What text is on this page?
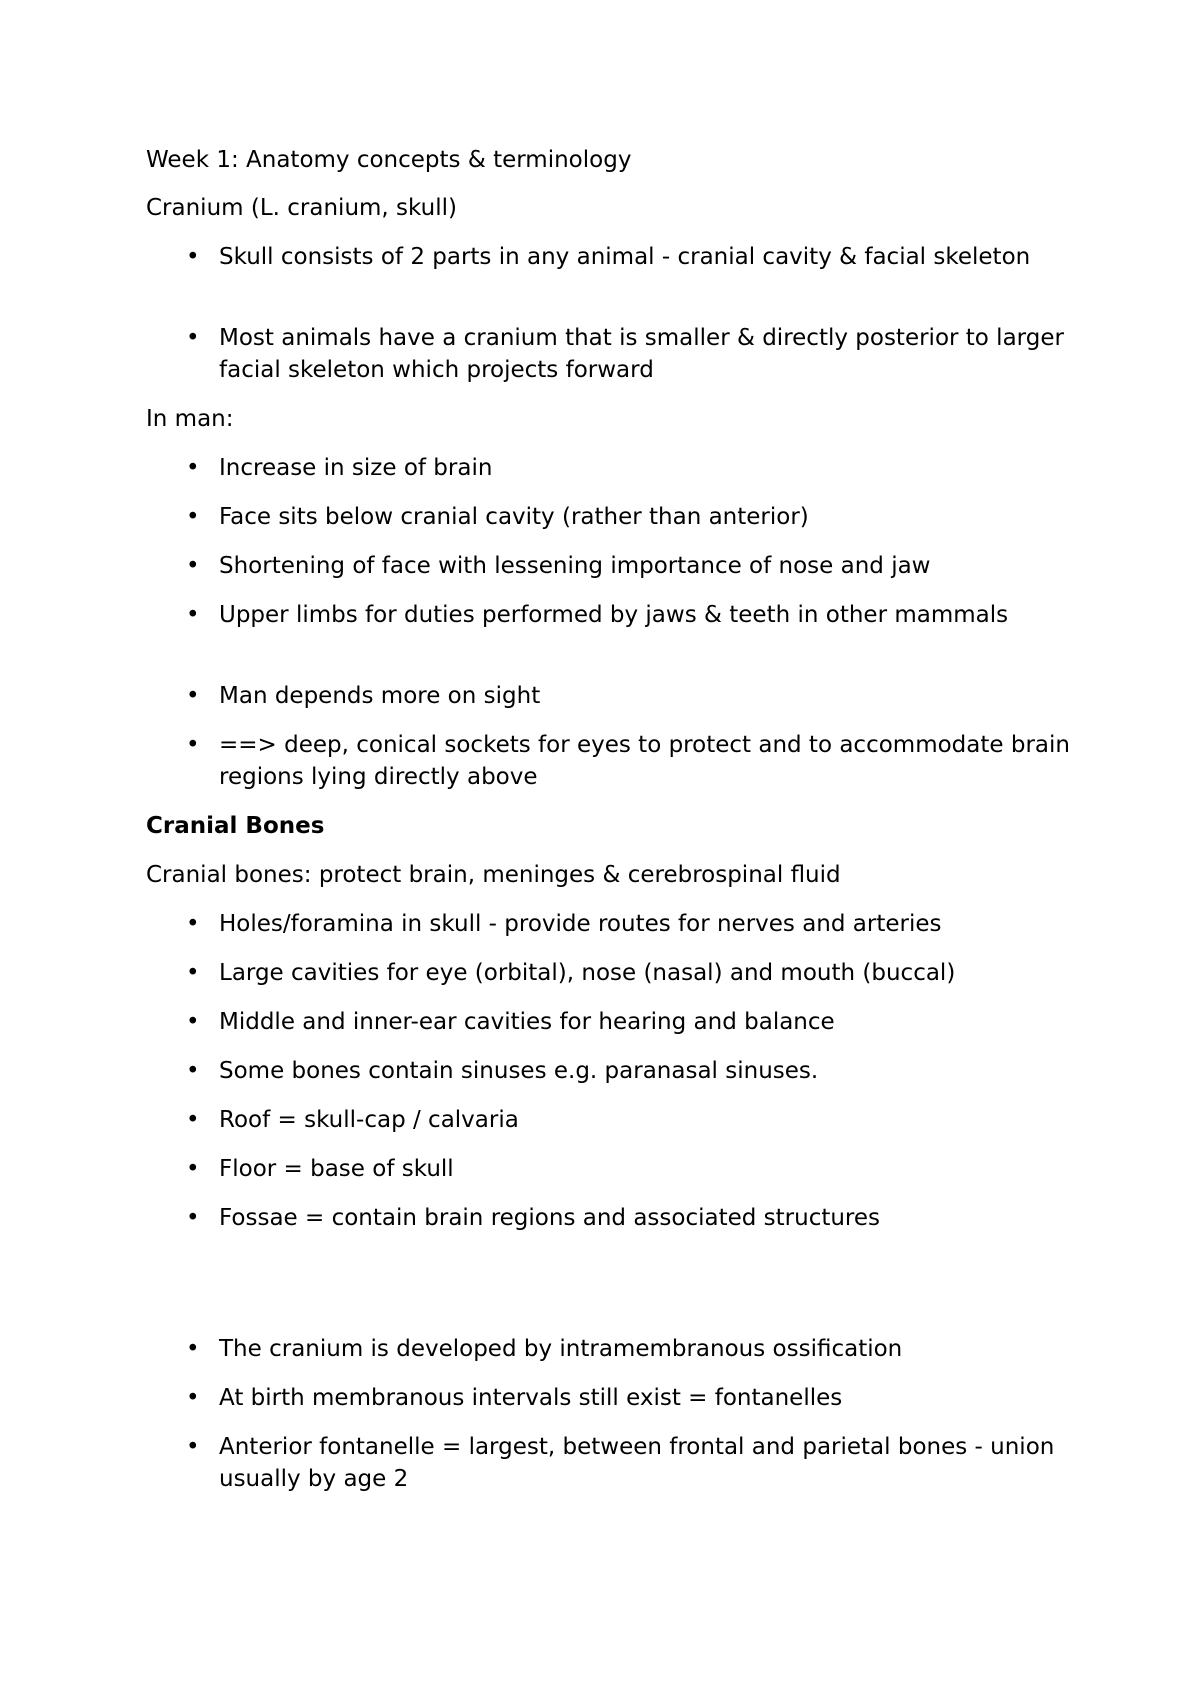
Week 1: Anatomy concepts & terminology

Cranium (L. cranium, skull)

• Skull consists of 2 parts in any animal - cranial cavity & facial skeleton

• Most animals have a cranium that is smaller & directly posterior to larger facial skeleton which projects forward

In man:

• Increase in size of brain

• Face sits below cranial cavity (rather than anterior)

• Shortening of face with lessening importance of nose and jaw

• Upper limbs for duties performed by jaws & teeth in other mammals

• Man depends more on sight

• ==> deep, conical sockets for eyes to protect and to accommodate brain regions lying directly above

Cranial Bones

Cranial bones: protect brain, meninges & cerebrospinal fluid

• Holes/foramina in skull - provide routes for nerves and arteries

• Large cavities for eye (orbital), nose (nasal) and mouth (buccal)

• Middle and inner-ear cavities for hearing and balance

• Some bones contain sinuses e.g. paranasal sinuses.

• Roof = skull-cap / calvaria

• Floor = base of skull

• Fossae = contain brain regions and associated structures

• The cranium is developed by intramembranous ossification

• At birth membranous intervals still exist = fontanelles

• Anterior fontanelle = largest, between frontal and parietal bones - union usually by age 2
